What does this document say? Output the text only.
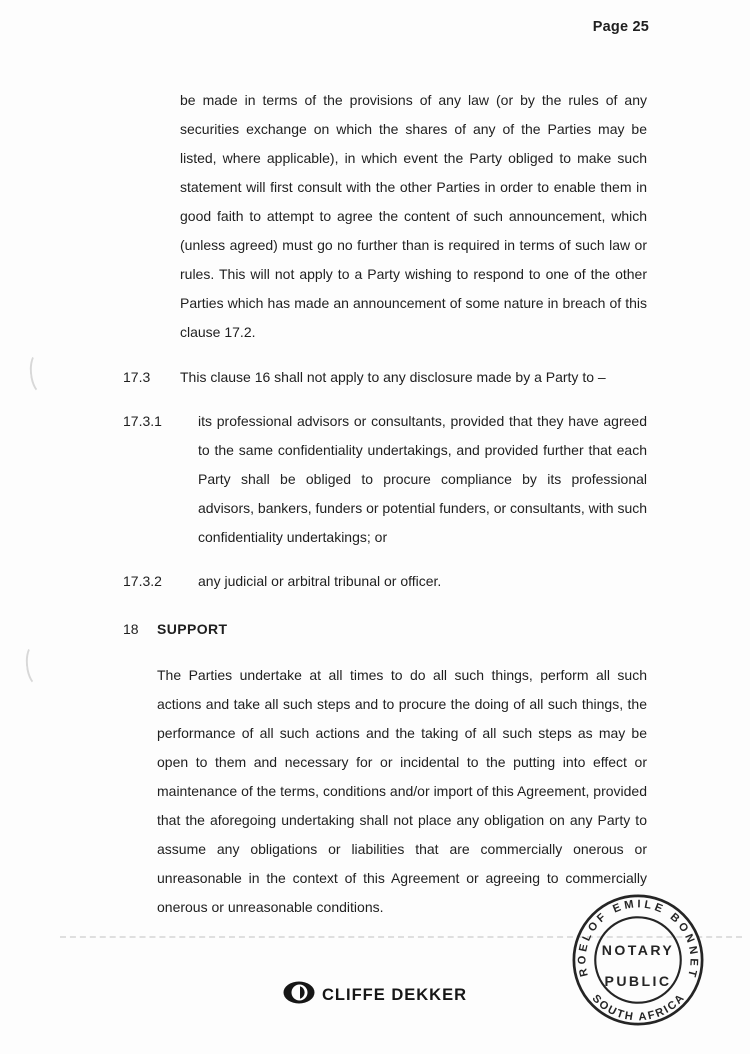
Page 25
be made in terms of the provisions of any law (or by the rules of any securities exchange on which the shares of any of the Parties may be listed, where applicable), in which event the Party obliged to make such statement will first consult with the other Parties in order to enable them in good faith to attempt to agree the content of such announcement, which (unless agreed) must go no further than is required in terms of such law or rules. This will not apply to a Party wishing to respond to one of the other Parties which has made an announcement of some nature in breach of this clause 17.2.
17.3	This clause 16 shall not apply to any disclosure made by a Party to –
17.3.1	its professional advisors or consultants, provided that they have agreed to the same confidentiality undertakings, and provided further that each Party shall be obliged to procure compliance by its professional advisors, bankers, funders or potential funders, or consultants, with such confidentiality undertakings; or
17.3.2	any judicial or arbitral tribunal or officer.
18	SUPPORT
The Parties undertake at all times to do all such things, perform all such actions and take all such steps and to procure the doing of all such things, the performance of all such actions and the taking of all such steps as may be open to them and necessary for or incidental to the putting into effect or maintenance of the terms, conditions and/or import of this Agreement, provided that the aforegoing undertaking shall not place any obligation on any Party to assume any obligations or liabilities that are commercially onerous or unreasonable in the context of this Agreement or agreeing to commercially onerous or unreasonable conditions.
CLIFFE DEKKER
ROELOF EMILE BONNET
SOUTH AFRICA
NOTARY
PUBLIC
